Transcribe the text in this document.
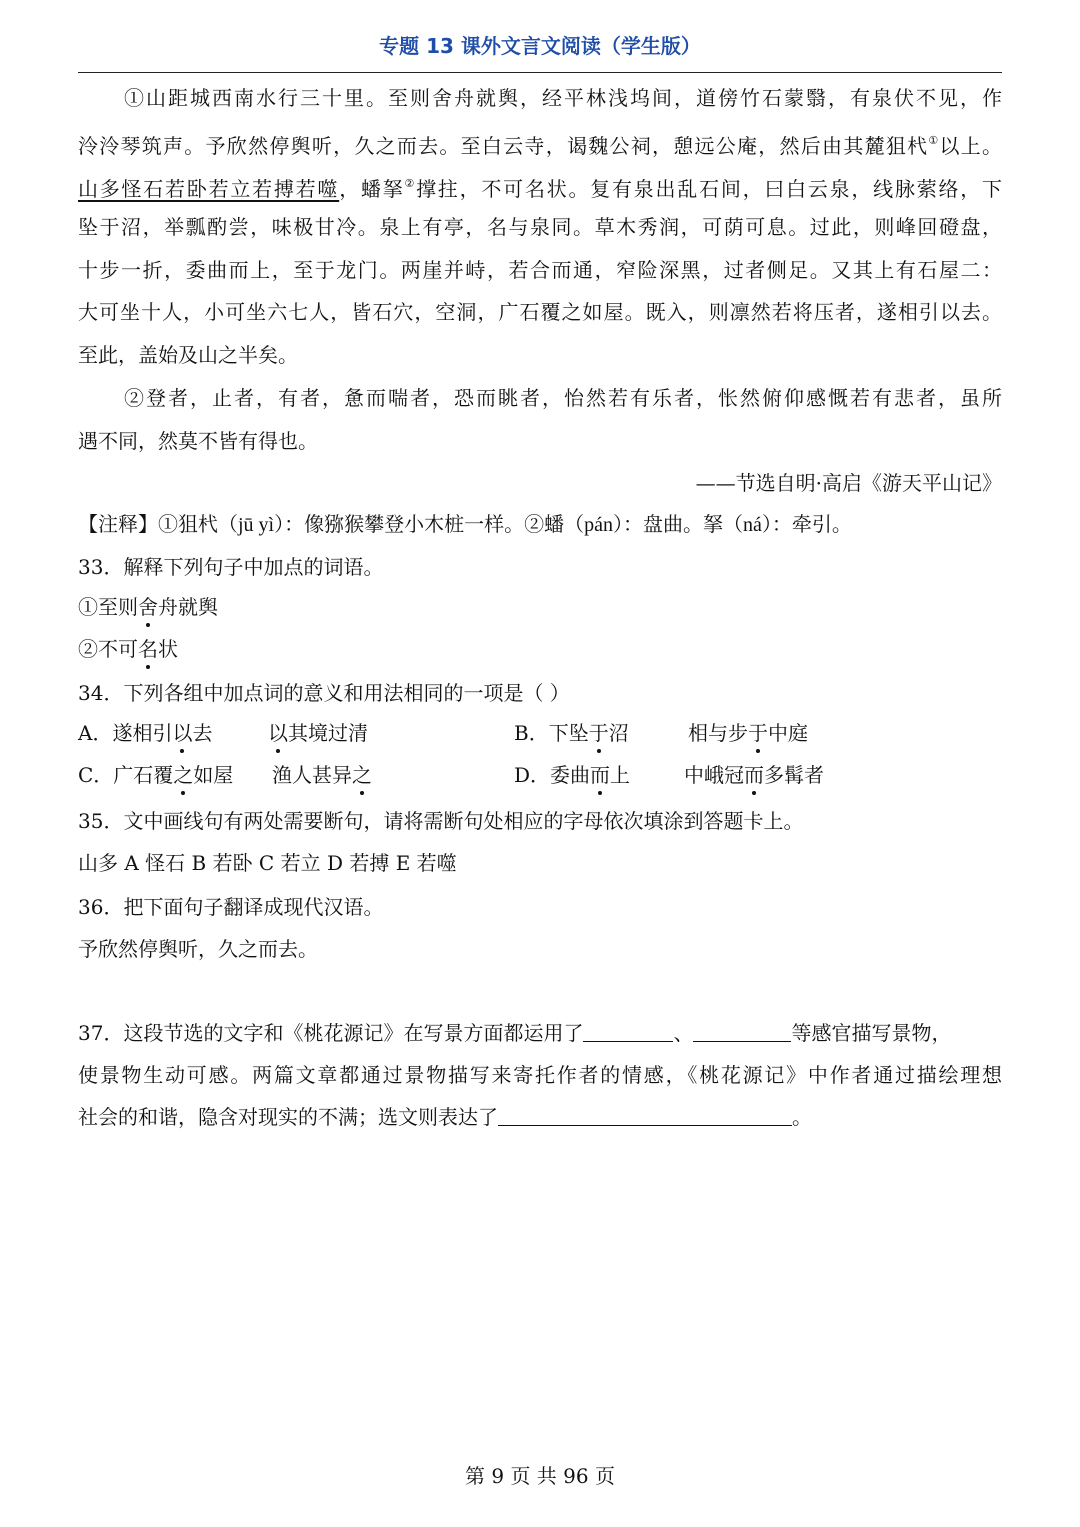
专题 13 课外文言文阅读（学生版）
①山距城西南水行三十里。至则舍舟就舆，经平林浅坞间，道傍竹石蒙翳，有泉伏不见，作
泠泠琴筑声。予欣然停舆听，久之而去。至白云寺，谒魏公祠，憩远公庵，然后由其麓狙杙①以上。
山多怪石若卧若立若搏若噬，蟠拏②撑拄，不可名状。复有泉出乱石间，曰白云泉，线脉萦络，下
坠于沼，举瓢酌尝，味极甘冷。泉上有亭，名与泉同。草木秀润，可荫可息。过此，则峰回磴盘，
十步一折，委曲而上，至于龙门。两崖并峙，若合而通，窄险深黑，过者侧足。又其上有石屋二：
大可坐十人，小可坐六七人，皆石穴，空洞，广石覆之如屋。既入，则凛然若将压者，遂相引以去。
至此，盖始及山之半矣。
②登者，止者，有者，惫而喘者，恐而眺者，怡然若有乐者，怅然俯仰感慨若有悲者，虽所
遇不同，然莫不皆有得也。
——节选自明·高启《游天平山记》
【注释】①狙杙（jū yì）：像猕猴攀登小木桩一样。②蟠（pán）：盘曲。拏（ná）：牵引。
33．解释下列句子中加点的词语。
①至则舍舟就舆
②不可名状
34．下列各组中加点词的意义和用法相同的一项是（ ）
A．遂相引以去	以其境过清	B．下坠于沼	相与步于中庭
C．广石覆之如屋 渔人甚异之	D．委曲而上	中峨冠而多髯者
35．文中画线句有两处需要断句，请将需断句处相应的字母依次填涂到答题卡上。
山多 A 怪石 B 若卧 C 若立 D 若搏 E 若噬
36．把下面句子翻译成现代汉语。
予欣然停舆听，久之而去。
37．这段节选的文字和《桃花源记》在写景方面都运用了	、	等感官描写景物，
使景物生动可感。两篇文章都通过景物描写来寄托作者的情感，《桃花源记》中作者通过描绘理想
社会的和谐，隐含对现实的不满；选文则表达了	。
第 9 页 共 96 页
